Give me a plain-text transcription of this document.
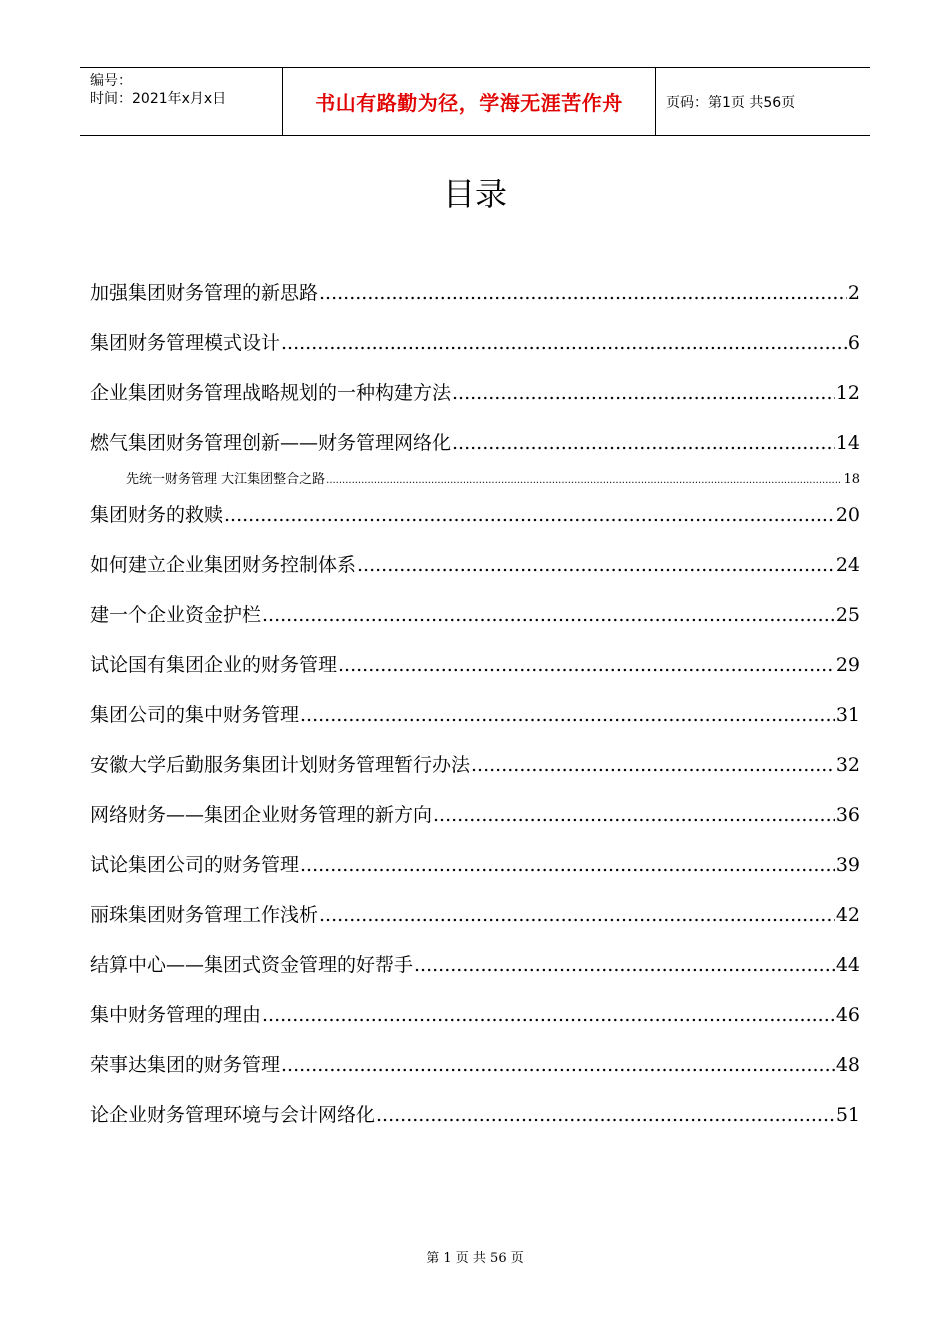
编号：
时间：2021年x月x日	书山有路勤为径，学海无涯苦作舟	页码：第1页 共56页
目录
加强集团财务管理的新思路 .....	2
集团财务管理模式设计 .....	6
企业集团财务管理战略规划的一种构建方法 .....	12
燃气集团财务管理创新——财务管理网络化 .....	14
先统一财务管理 大江集团整合之路 .....	18
集团财务的救赎 .....	20
如何建立企业集团财务控制体系 .....	24
建一个企业资金护栏 .....	25
试论国有集团企业的财务管理 .....	29
集团公司的集中财务管理 .....	31
安徽大学后勤服务集团计划财务管理暂行办法 .....	32
网络财务——集团企业财务管理的新方向 .....	36
试论集团公司的财务管理 .....	39
丽珠集团财务管理工作浅析 .....	42
结算中心——集团式资金管理的好帮手 .....	44
集中财务管理的理由 .....	46
荣事达集团的财务管理 .....	48
论企业财务管理环境与会计网络化 .....	51
第 1 页 共 56 页
